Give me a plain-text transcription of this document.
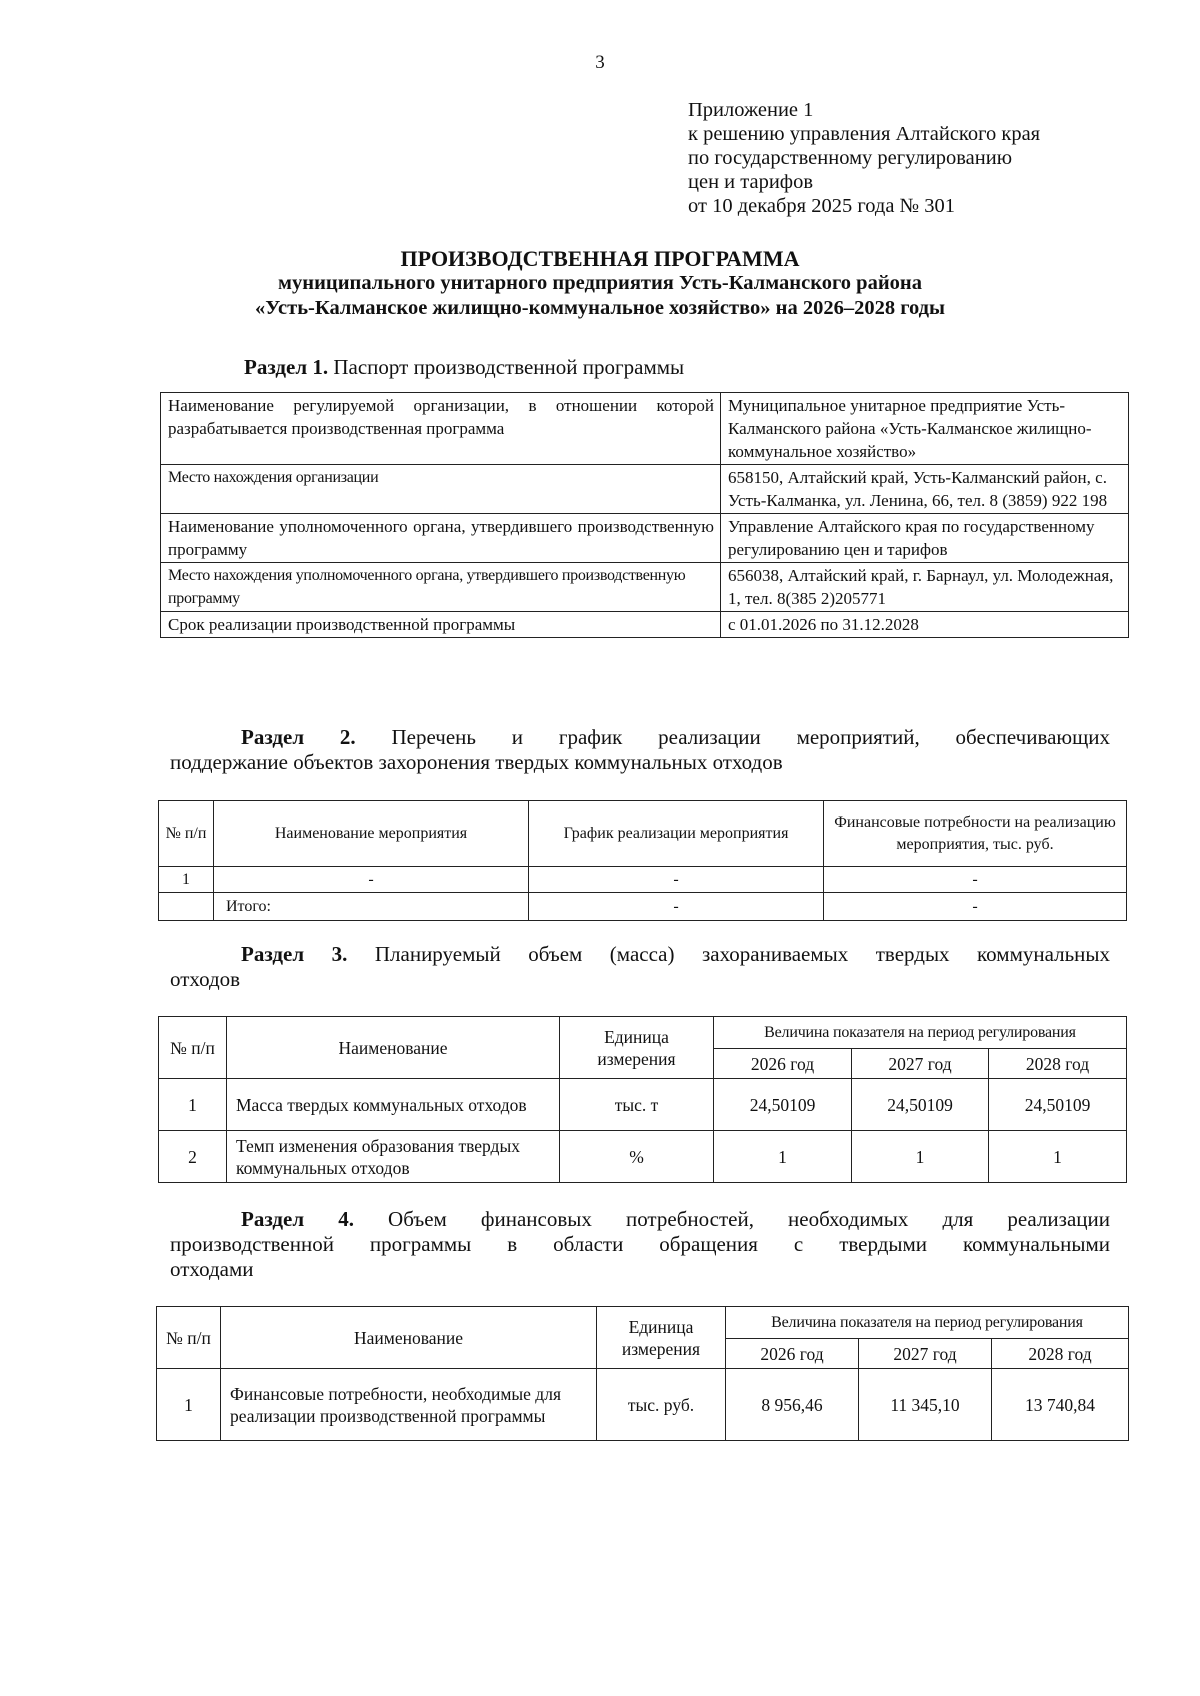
3
Приложение 1
к решению управления Алтайского края
по государственному регулированию
цен и тарифов
от 10 декабря 2025 года № 301
ПРОИЗВОДСТВЕННАЯ ПРОГРАММА
муниципального унитарного предприятия Усть-Калманского района
«Усть-Калманское жилищно-коммунальное хозяйство» на 2026–2028 годы
Раздел 1. Паспорт производственной программы
Наименование регулируемой организации, в отношении которой разрабатывается производственная программа	Муниципальное унитарное предприятие Усть-Калманского района «Усть-Калманское жилищно-коммунальное хозяйство»
Место нахождения организации	658150, Алтайский край, Усть-Калманский район, с. Усть-Калманка, ул. Ленина, 66, тел. 8 (3859) 922 198
Наименование уполномоченного органа, утвердившего производственную программу	Управление Алтайского края по государственному регулированию цен и тарифов
Место нахождения уполномоченного органа, утвердившего производственную программу	656038, Алтайский край, г. Барнаул, ул. Молодежная, 1, тел. 8(385 2)205771
Срок реализации производственной программы	с 01.01.2026 по 31.12.2028
Раздел 2. Перечень и график реализации мероприятий, обеспечивающих
поддержание объектов захоронения твердых коммунальных отходов
№ п/п	Наименование мероприятия	График реализации мероприятия	Финансовые потребности на реализацию мероприятия, тыс. руб.
1	-	-	-
	Итого:	-	-
Раздел 3. Планируемый объем (масса) захораниваемых твердых коммунальных
отходов
№ п/п	Наименование	Единица измерения	Величина показателя на период регулирования		
			2026 год	2027 год	2028 год
1	Масса твердых коммунальных отходов	тыс. т	24,50109	24,50109	24,50109
2	Темп изменения образования твердых коммунальных отходов	%	1	1	1
Раздел 4. Объем финансовых потребностей, необходимых для реализации
производственной программы в области обращения с твердыми коммунальными
отходами
№ п/п	Наименование	Единица измерения	Величина показателя на период регулирования		
			2026 год	2027 год	2028 год
1	Финансовые потребности, необходимые для реализации производственной программы	тыс. руб.	8 956,46	11 345,10	13 740,84
